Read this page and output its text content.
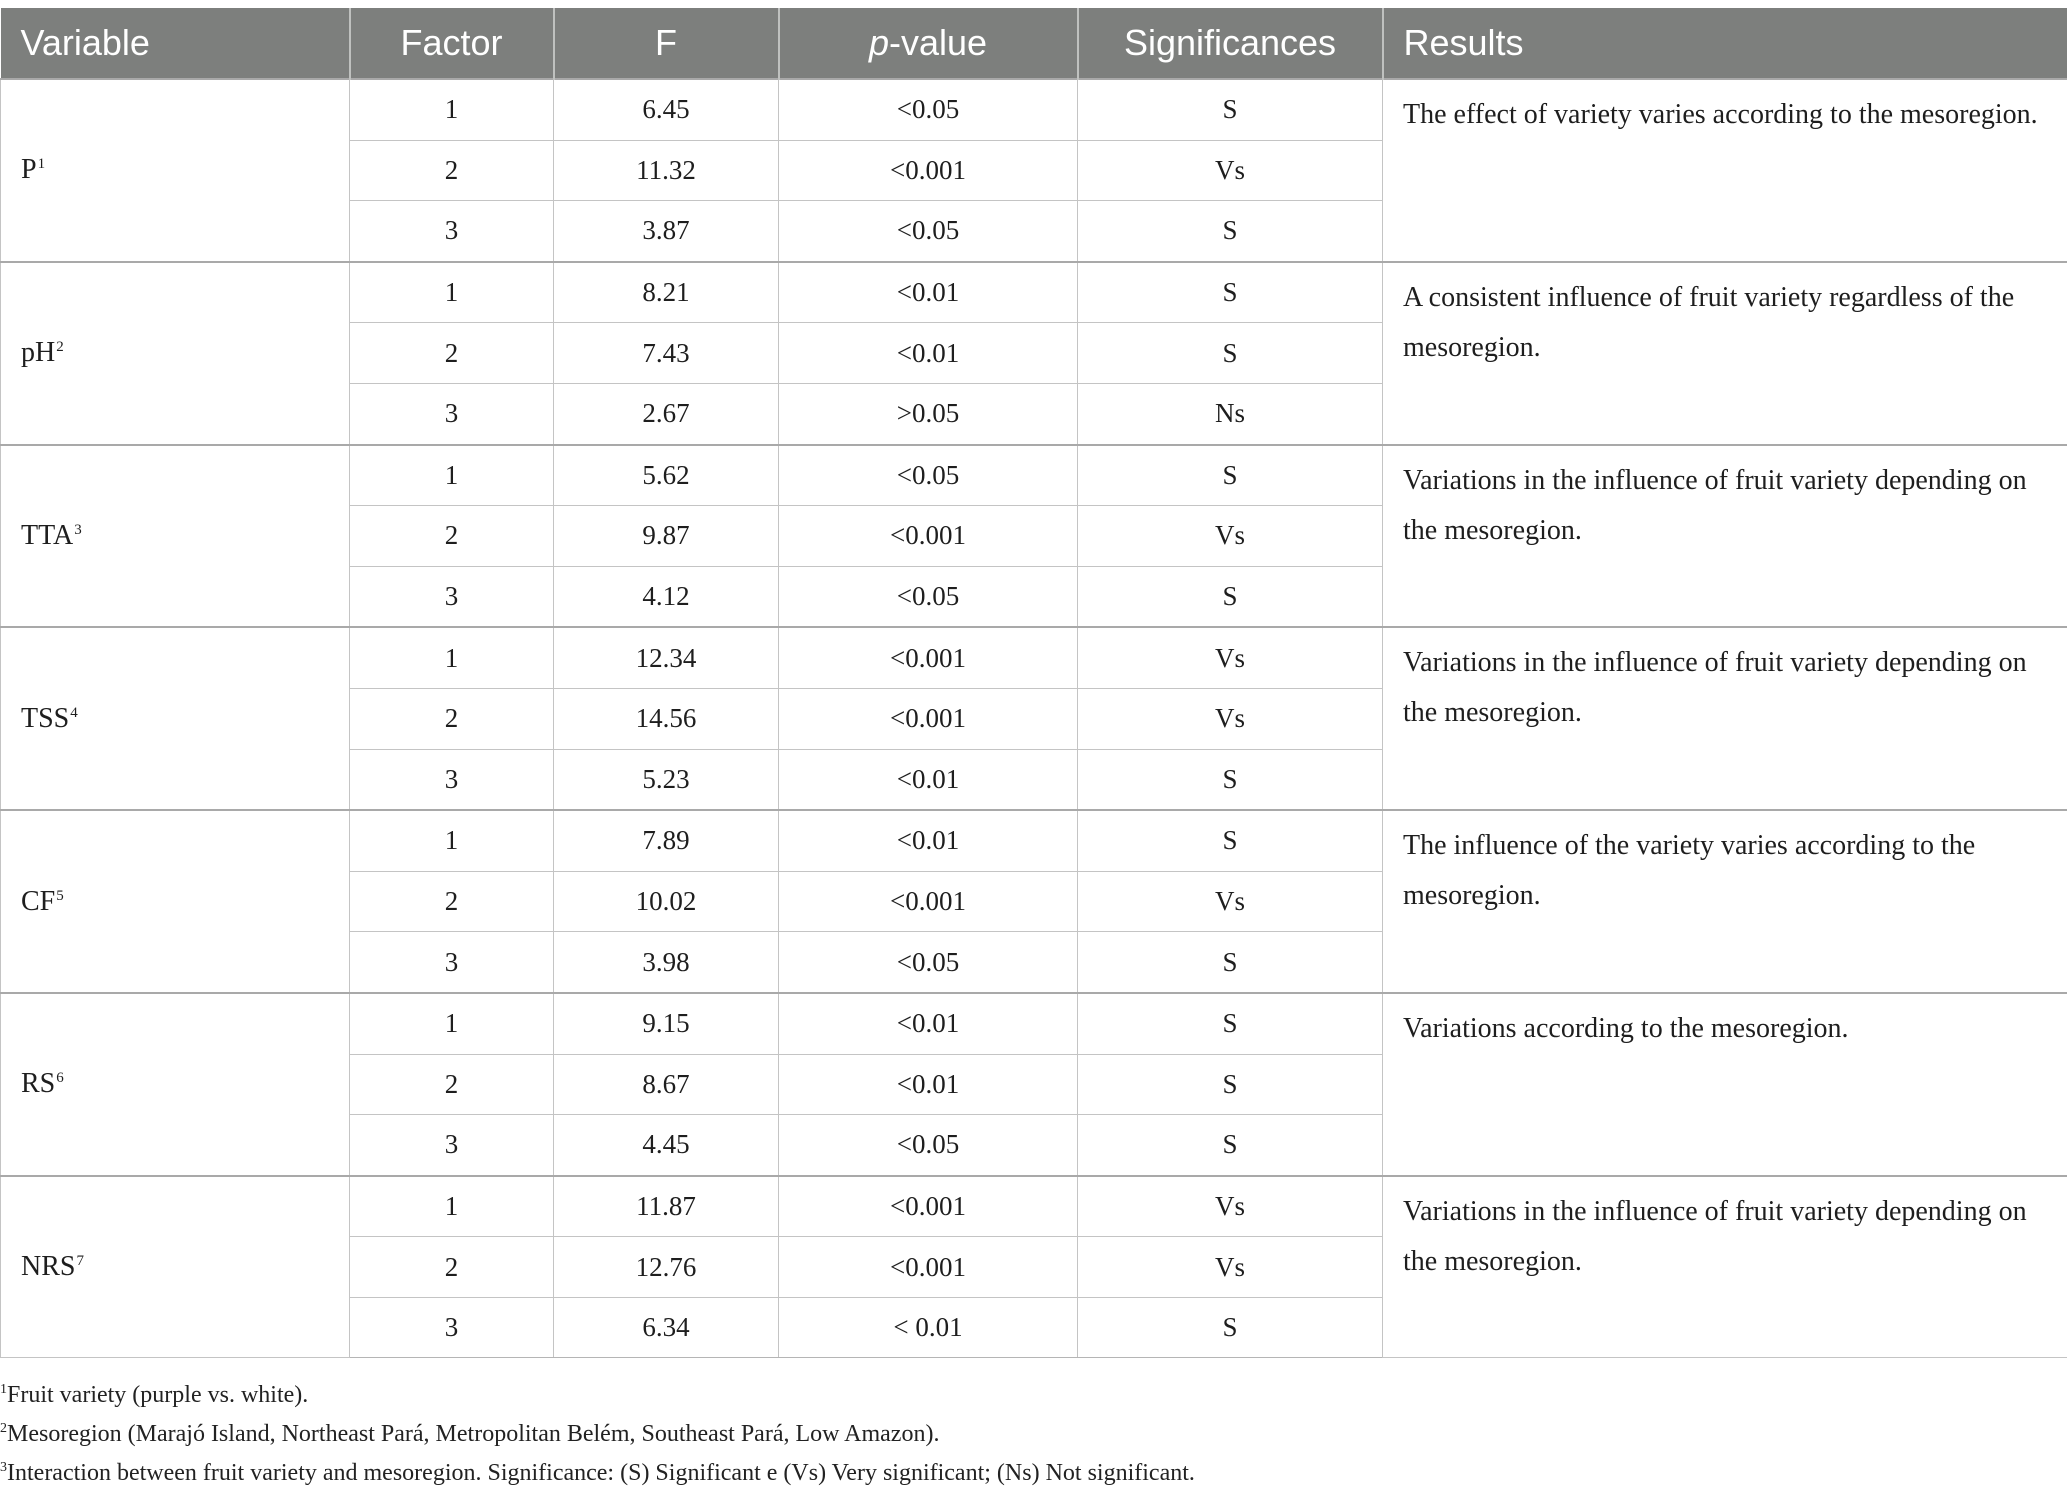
Variable	Factor	F	p-value	Significances	Results
$P^1$	1	6.45	<0.05	S	The effect of variety varies according to the mesoregion.
	2	11.32	<0.001	Vs	
	3	3.87	<0.05	S	
$pH^2$	1	8.21	<0.01	S	A consistent influence of fruit variety regardless of the mesoregion.
	2	7.43	<0.01	S	
	3	2.67	>0.05	Ns	
TTA$^3$	1	5.62	<0.05	S	Variations in the influence of fruit variety depending on the mesoregion.
	2	9.87	<0.001	Vs	
	3	4.12	<0.05	S	
TSS$^4$	1	12.34	<0.001	Vs	Variations in the influence of fruit variety depending on the mesoregion.
	2	14.56	<0.001	Vs	
	3	5.23	<0.01	S	
$CF^5$	1	7.89	<0.01	S	The influence of the variety varies according to the mesoregion.
	2	10.02	<0.001	Vs	
	3	3.98	<0.05	S	
$RS^6$	1	9.15	<0.01	S	Variations according to the mesoregion.
	2	8.67	<0.01	S	
	3	4.45	<0.05	S	
NRS$^7$	1	11.87	<0.001	Vs	Variations in the influence of fruit variety depending on the mesoregion.
	2	12.76	<0.001	Vs	
	3	6.34	< 0.01	S	
$^1$Fruit variety (purple vs. white).
$^2$Mesoregion (Marajó Island, Northeast Pará, Metropolitan Belém, Southeast Pará, Low Amazon).
$^3$Interaction between fruit variety and mesoregion. Significance: (S) Significant e (Vs) Very significant; (Ns) Not significant.
